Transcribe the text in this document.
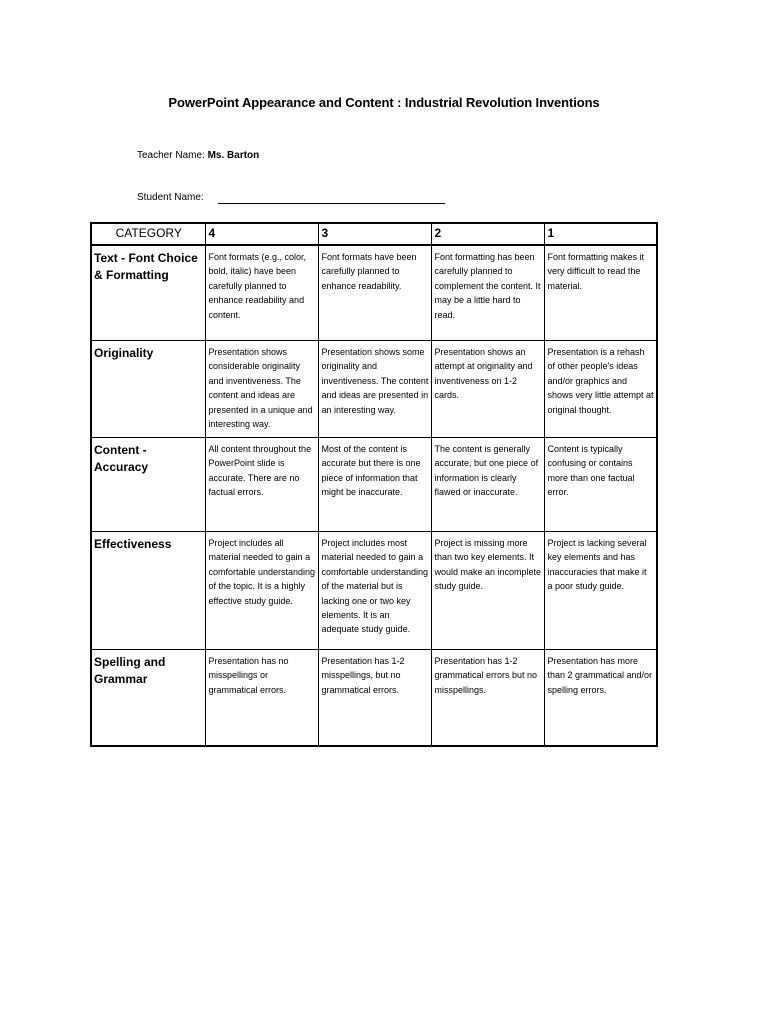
PowerPoint Appearance and Content : Industrial Revolution Inventions
Teacher Name: Ms. Barton
Student Name:
CATEGORY	4	3	2	1
Text - Font Choice & Formatting	Font formats (e.g., color, bold, italic) have been carefully planned to enhance readability and content.	Font formats have been carefully planned to enhance readability.	Font formatting has been carefully planned to complement the content. It may be a little hard to read.	Font formatting makes it very difficult to read the material.
Originality	Presentation shows considerable originality and inventiveness. The content and ideas are presented in a unique and interesting way.	Presentation shows some originality and inventiveness. The content and ideas are presented in an interesting way.	Presentation shows an attempt at originality and inventiveness on 1-2 cards.	Presentation is a rehash of other people's ideas and/or graphics and shows very little attempt at original thought.
Content - Accuracy	All content throughout the PowerPoint slide is accurate. There are no factual errors.	Most of the content is accurate but there is one piece of information that might be inaccurate.	The content is generally accurate, but one piece of information is clearly flawed or inaccurate.	Content is typically confusing or contains more than one factual error.
Effectiveness	Project includes all material needed to gain a comfortable understanding of the topic. It is a highly effective study guide.	Project includes most material needed to gain a comfortable understanding of the material but is lacking one or two key elements. It is an adequate study guide.	Project is missing more than two key elements. It would make an incomplete study guide.	Project is lacking several key elements and has inaccuracies that make it a poor study guide.
Spelling and Grammar	Presentation has no misspellings or grammatical errors.	Presentation has 1-2 misspellings, but no grammatical errors.	Presentation has 1-2 grammatical errors but no misspellings.	Presentation has more than 2 grammatical and/or spelling errors.
